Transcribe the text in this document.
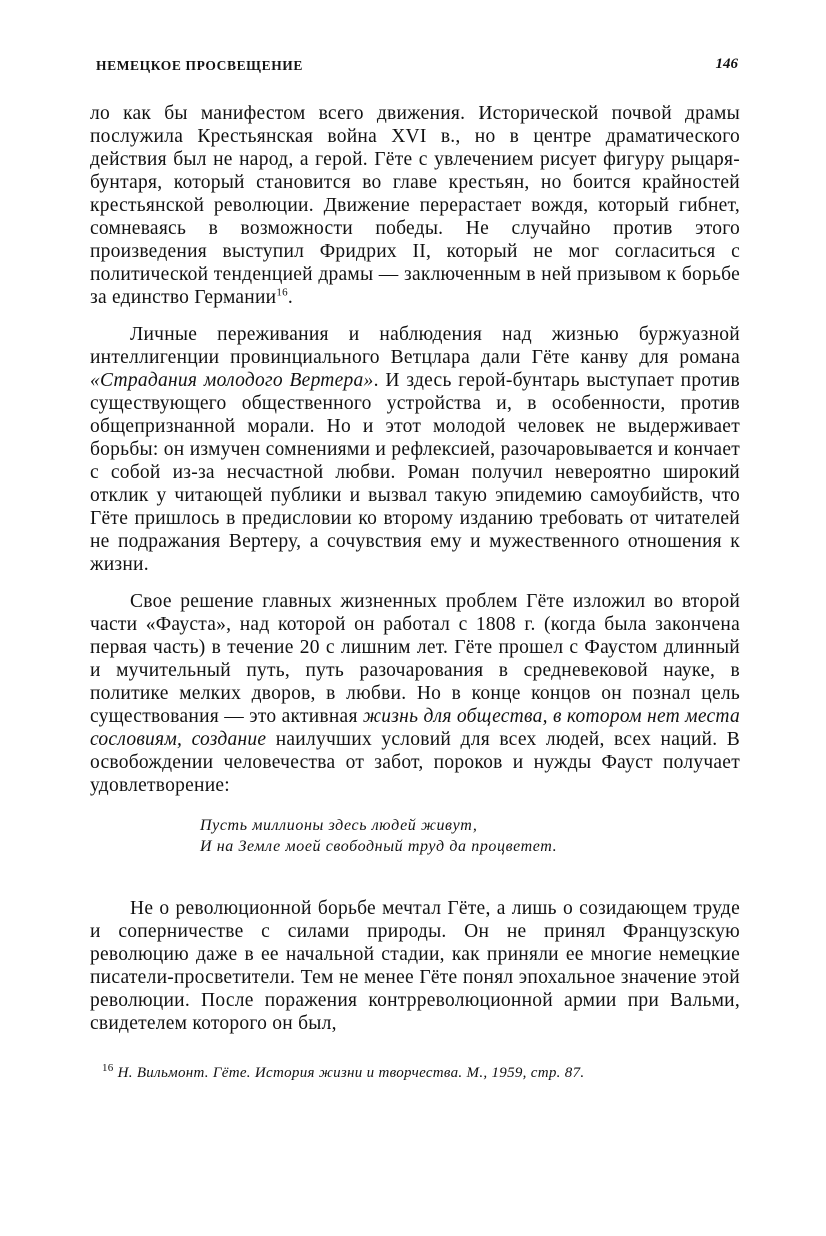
НЕМЕЦКОЕ ПРОСВЕЩЕНИЕ	146

ло как бы манифестом всего движения. Исторической почвой драмы послужила Крестьянская война XVI в., но в центре драматического действия был не народ, а герой. Гёте с увлечением рисует фигуру рыцаря-бунтаря, который становится во главе крестьян, но боится крайностей крестьянской революции. Движение перерастает вождя, который гибнет, сомневаясь в возможности победы. Не случайно против этого произведения выступил Фридрих II, который не мог согласиться с политической тенденцией драмы — заключенным в ней призывом к борьбе за единство Германии$^{16}$.

Личные переживания и наблюдения над жизнью буржуазной интеллигенции провинциального Ветцлара дали Гёте канву для романа «Страдания молодого Вертера». И здесь герой-бунтарь выступает против существующего общественного устройства и, в особенности, против общепризнанной морали. Но и этот молодой человек не выдерживает борьбы: он измучен сомнениями и рефлексией, разочаровывается и кончает с собой из-за несчастной любви. Роман получил невероятно широкий отклик у читающей публики и вызвал такую эпидемию самоубийств, что Гёте пришлось в предисловии ко второму изданию требовать от читателей не подражания Вертеру, а сочувствия ему и мужественного отношения к жизни.

Свое решение главных жизненных проблем Гёте изложил во второй части «Фауста», над которой он работал с 1808 г. (когда была закончена первая часть) в течение 20 с лишним лет. Гёте прошел с Фаустом длинный и мучительный путь, путь разочарования в средневековой науке, в политике мелких дворов, в любви. Но в конце концов он познал цель существования — это активная жизнь для общества, в котором нет места сословиям, создание наилучших условий для всех людей, всех наций. В освобождении человечества от забот, пороков и нужды Фауст получает удовлетворение:

Пусть миллионы здесь людей живут,
И на Земле моей свободный труд да процветет.

Не о революционной борьбе мечтал Гёте, а лишь о созидающем труде и соперничестве с силами природы. Он не принял Французскую революцию даже в ее начальной стадии, как приняли ее многие немецкие писатели-просветители. Тем не менее Гёте понял эпохальное значение этой революции. После поражения контрреволюционной армии при Вальми, свидетелем которого он был,

$^{16}$ Н. Вильмонт. Гёте. История жизни и творчества. М., 1959, стр. 87.
